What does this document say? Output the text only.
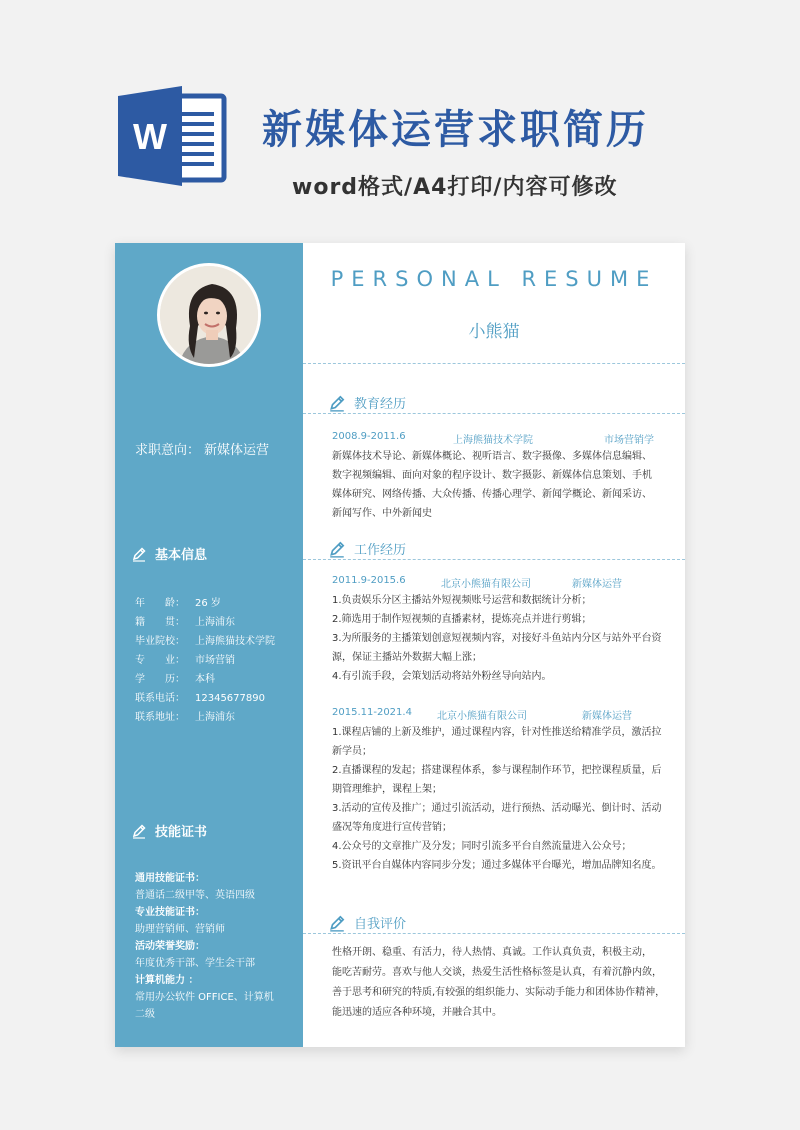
W 新媒体运营求职简历
word格式/A4打印/内容可修改
求职意向： 新媒体运营
基本信息
年　　龄：	26 岁
籍　　贯：	上海浦东
毕业院校：	上海熊猫技术学院
专　　业：	市场营销
学　　历：	本科
联系电话：	12345677890
联系地址：	上海浦东
技能证书
通用技能证书：
普通话二级甲等、英语四级
专业技能证书：
助理营销师、营销师
活动荣誉奖励：
年度优秀干部、学生会干部
计算机能力 ：
常用办公软件 OFFICE、计算机
二级
PERSONAL RESUME
小熊猫
教育经历
2008.9-2011.6	上海熊猫技术学院	市场营销学

新媒体技术导论、新媒体概论、视听语言、数字摄像、多媒体信息编辑、

数字视频编辑、面向对象的程序设计、数字摄影、新媒体信息策划、手机

媒体研究、网络传播、大众传播、传播心理学、新闻学概论、新闻采访、

新闻写作、中外新闻史

工作经历
2011.9-2015.6	北京小熊猫有限公司	新媒体运营

1.负责娱乐分区主播站外短视频账号运营和数据统计分析；

2.筛选用于制作短视频的直播素材，提炼亮点并进行剪辑；

3.为所服务的主播策划创意短视频内容，对接好斗鱼站内分区与站外平台资

源，保证主播站外数据大幅上涨；

4.有引流手段，会策划活动将站外粉丝导向站内。

2015.11-2021.4	北京小熊猫有限公司	新媒体运营

1.课程店铺的上新及维护，通过课程内容，针对性推送给精准学员，激活拉

新学员；

2.直播课程的发起；搭建课程体系，参与课程制作环节，把控课程质量，后

期管理维护，课程上架；

3.活动的宣传及推广；通过引流活动，进行预热、活动曝光、倒计时、活动

盛况等角度进行宣传营销；

4.公众号的文章推广及分发；同时引流多平台自然流量进入公众号；

5.资讯平台自媒体内容同步分发；通过多媒体平台曝光，增加品牌知名度。

自我评价

性格开朗、稳重、有活力，待人热情、真诚。工作认真负责，积极主动，

能吃苦耐劳。喜欢与他人交谈，热爱生活性格标签是认真，有着沉静内敛，

善于思考和研究的特质,有较强的组织能力、实际动手能力和团体协作精神，

能迅速的适应各种环境，并融合其中。
